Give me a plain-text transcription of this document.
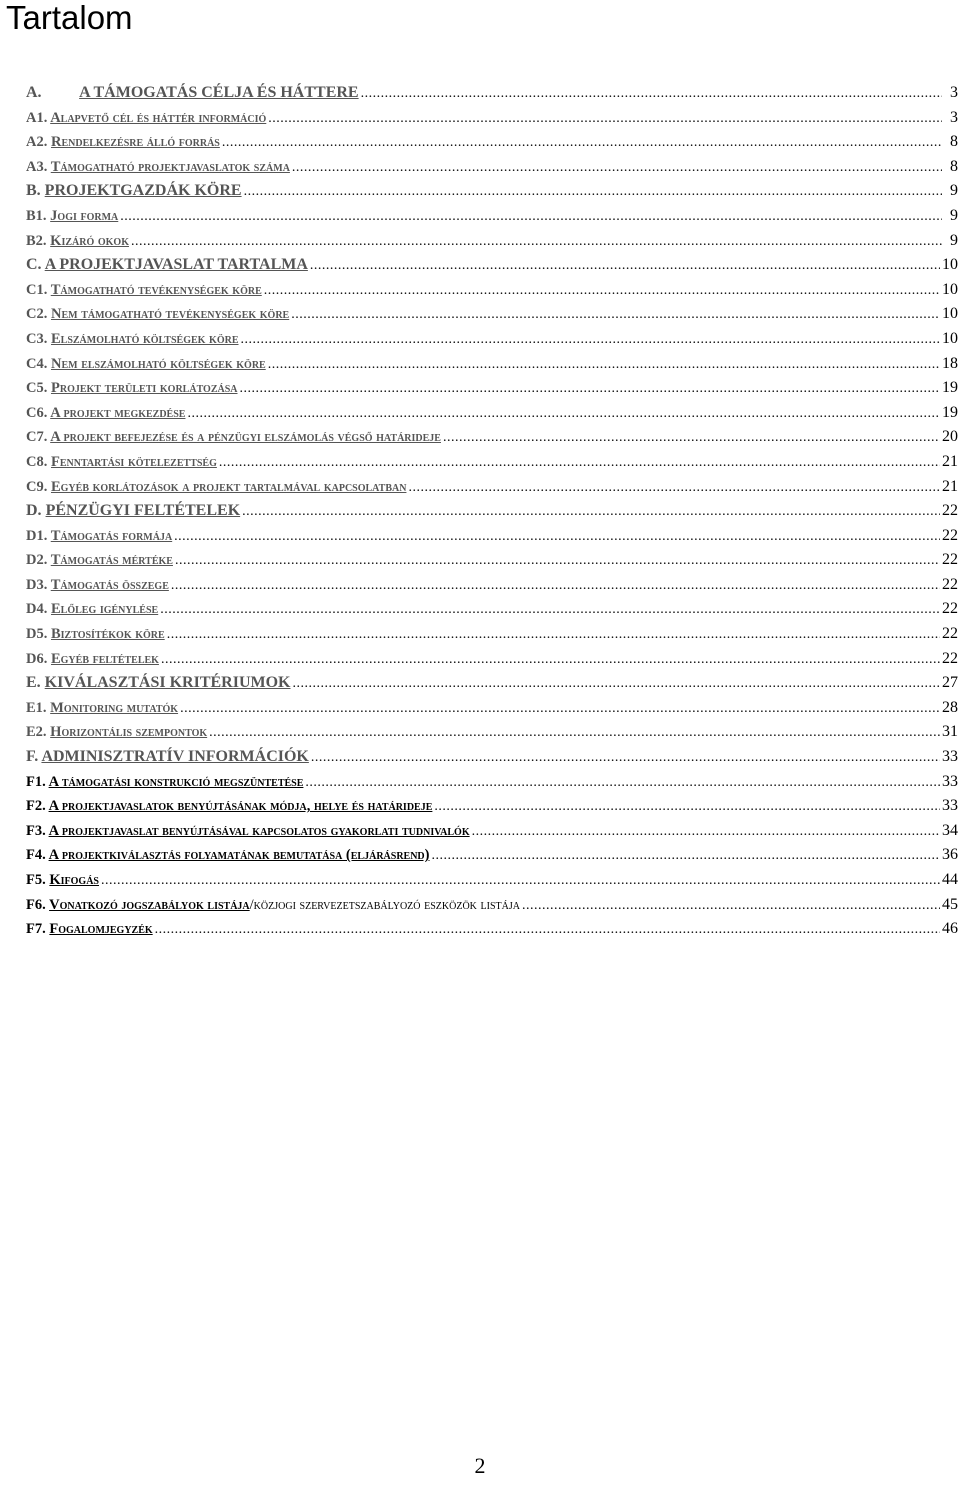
Tartalom
A. A TÁMOGATÁS CÉLJA ÉS HÁTTERE .....	3
A1. Alapvető cél és háttér információ .....	3
A2. Rendelkezésre álló forrás .....	8
A3. Támogatható projektjavaslatok száma .....	8
B. PROJEKTGAZDÁK KÖRE .....	9
B1. Jogi forma .....	9
B2. Kizáró okok .....	9
C. A PROJEKTJAVASLAT TARTALMA .....	10
C1. Támogatható tevékenységek köre .....	10
C2. Nem támogatható tevékenységek köre .....	10
C3. Elszámolható költségek köre .....	10
C4. Nem elszámolható költségek köre .....	18
C5. Projekt területi korlátozása .....	19
C6. A projekt megkezdése .....	19
C7. A projekt befejezése és a pénzügyi elszámolás végső határideje .....	20
C8. Fenntartási kötelezettség .....	21
C9. Egyéb korlátozások a projekt tartalmával kapcsolatban .....	21
D. PÉNZÜGYI FELTÉTELEK .....	22
D1. Támogatás formája .....	22
D2. Támogatás mértéke .....	22
D3. Támogatás összege .....	22
D4. Előleg igénylése .....	22
D5. Biztosítékok köre .....	22
D6. Egyéb feltételek .....	22
E. KIVÁLASZTÁSI KRITÉRIUMOK .....	27
E1. Monitoring mutatók .....	28
E2. Horizontális szempontok .....	31
F. ADMINISZTRATÍV INFORMÁCIÓK .....	33
F1. A támogatási konstrukció megszüntetése .....	33
F2. A projektjavaslatok benyújtásának módja, helye és határideje .....	33
F3. A projektjavaslat benyújtásával kapcsolatos gyakorlati tudnivalók .....	34
F4. A projektkiválasztás folyamatának bemutatása (eljárásrend) .....	36
F5. Kifogás .....	44
F6. Vonatkozó jogszabályok listája/közjogi szervezetszabályozó eszközök listája .....	45
F7. Fogalomjegyzék .....	46
2
